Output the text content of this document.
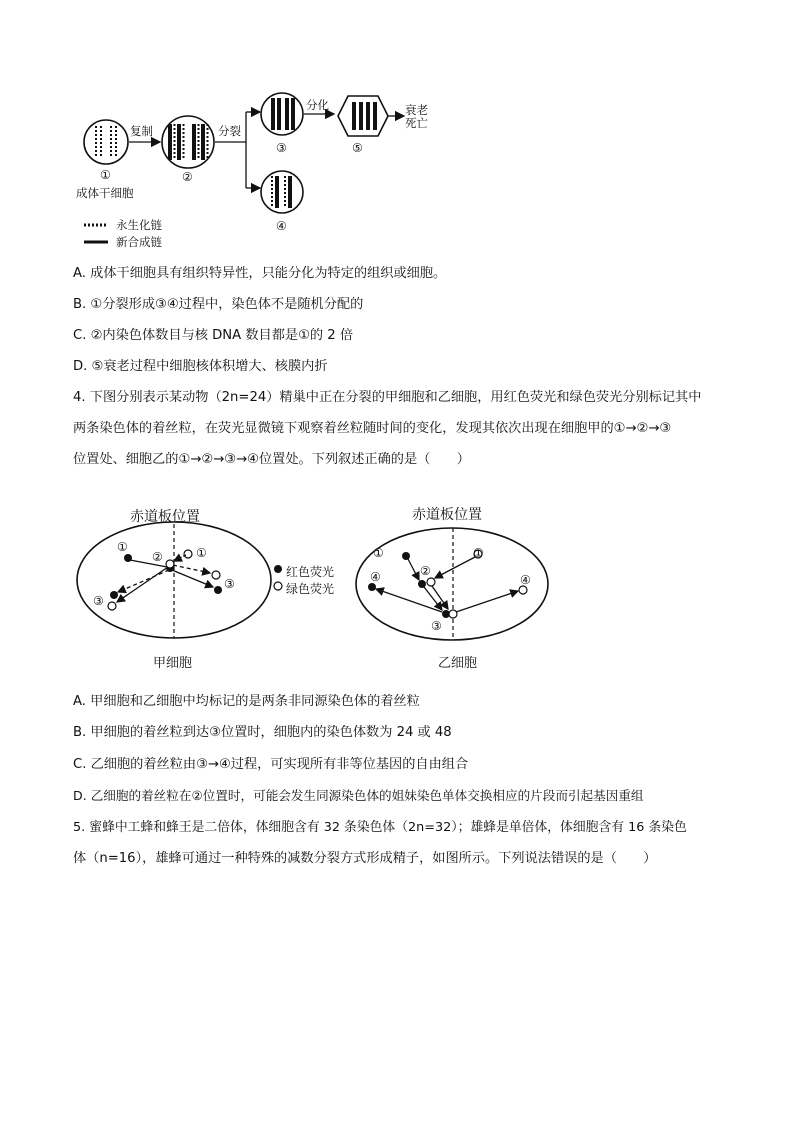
复制	分裂
分化	衰老
死亡
①	②
③	⑤
④
成体干细胞
永生化链
新合成链
A. 成体干细胞具有组织特异性，只能分化为特定的组织或细胞。
B. ①分裂形成③④过程中，染色体不是随机分配的
C. ②内染色体数目与核 DNA 数目都是①的 2 倍
D. ⑤衰老过程中细胞核体积增大、核膜内折
4. 下图分别表示某动物（2n=24）精巢中正在分裂的甲细胞和乙细胞，用红色荧光和绿色荧光分别标记其中
两条染色体的着丝粒，在荧光显微镜下观察着丝粒随时间的变化，发现其依次出现在细胞甲的①→②→③
位置处、细胞乙的①→②→③→④位置处。下列叙述正确的是（　　）
赤道板位置	赤道板位置
红色荧光
绿色荧光
甲细胞	乙细胞
①	①
②
③
③
①	①
②
④	④
③
A. 甲细胞和乙细胞中均标记的是两条非同源染色体的着丝粒
B. 甲细胞的着丝粒到达③位置时，细胞内的染色体数为 24 或 48
C. 乙细胞的着丝粒由③→④过程，可实现所有非等位基因的自由组合
D. 乙细胞的着丝粒在②位置时，可能会发生同源染色体的姐妹染色单体交换相应的片段而引起基因重组
5. 蜜蜂中工蜂和蜂王是二倍体，体细胞含有 32 条染色体（2n=32）；雄蜂是单倍体，体细胞含有 16 条染色
体（n=16），雄蜂可通过一种特殊的减数分裂方式形成精子，如图所示。下列说法错误的是（　　）
